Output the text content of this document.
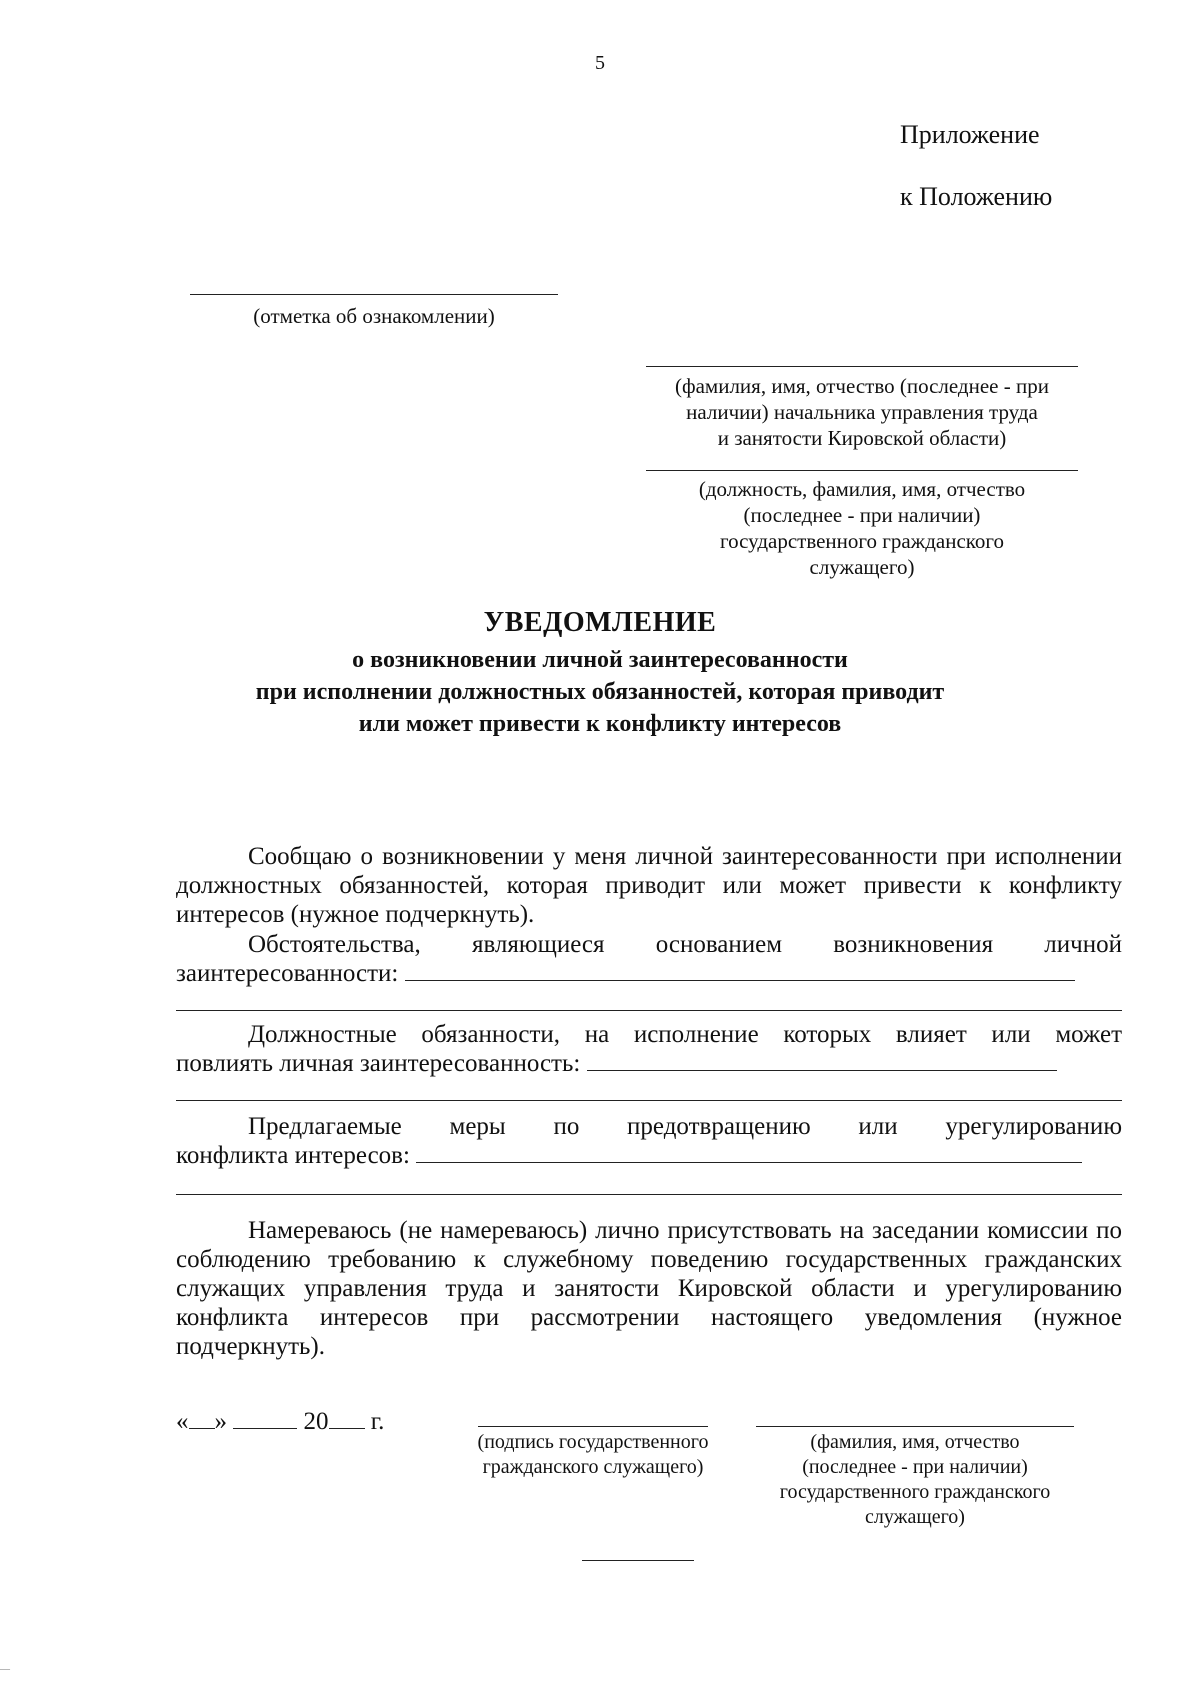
5
Приложение
к Положению
(отметка об ознакомлении)
(фамилия, имя, отчество (последнее - при
наличии) начальника управления труда
и занятости Кировской области)
(должность, фамилия, имя, отчество
(последнее - при наличии)
государственного гражданского
служащего)
УВЕДОМЛЕНИЕ
о возникновении личной заинтересованности
при исполнении должностных обязанностей, которая приводит
или может привести к конфликту интересов
Сообщаю о возникновении у меня личной заинтересованности при исполнении должностных обязанностей, которая приводит или может привести к конфликту интересов (нужное подчеркнуть).
Обстоятельства, являющиеся основанием возникновения личной
заинтересованности:
Должностные обязанности, на исполнение которых влияет или может
повлиять личная заинтересованность:
Предлагаемые меры по предотвращению или урегулированию
конфликта интересов:
Намереваюсь (не намереваюсь) лично присутствовать на заседании комиссии по соблюдению требованию к служебному поведению государственных гражданских служащих управления труда и занятости Кировской области и урегулированию конфликта интересов при рассмотрении настоящего уведомления (нужное подчеркнуть).
« »	20 г.
(подпись государственного
гражданского служащего)
(фамилия, имя, отчество
(последнее - при наличии)
государственного гражданского
служащего)
—
